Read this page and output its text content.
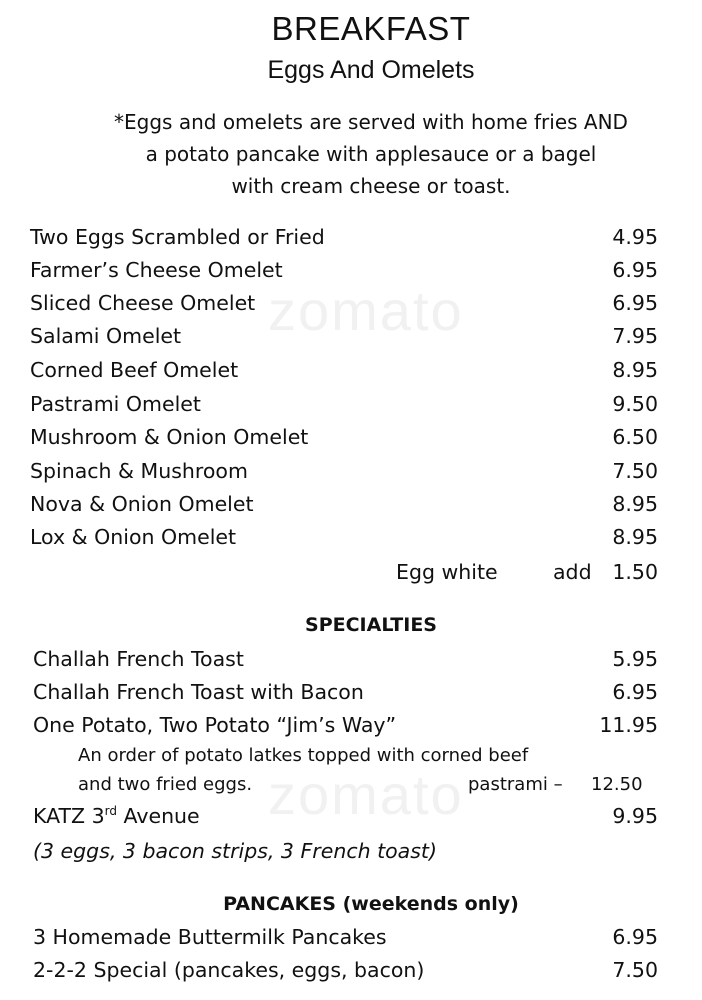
zomato
zomato
BREAKFAST
Eggs And Omelets
*Eggs and omelets are served with home fries AND
a potato pancake with applesauce or a bagel
with cream cheese or toast.
Two Eggs Scrambled or Fried	4.95
Farmer’s Cheese Omelet	6.95
Sliced Cheese Omelet	6.95
Salami Omelet	7.95
Corned Beef Omelet	8.95
Pastrami Omelet	9.50
Mushroom & Onion Omelet	6.50
Spinach & Mushroom	7.50
Nova & Onion Omelet	8.95
Lox & Onion Omelet	8.95
Egg white	add 1.50
SPECIALTIES
Challah French Toast	5.95
Challah French Toast with Bacon	6.95
One Potato, Two Potato “Jim’s Way”	11.95
An order of potato latkes topped with corned beef
and two fried eggs.	pastrami – 12.50
KATZ 3rd Avenue	9.95
(3 eggs, 3 bacon strips, 3 French toast)
PANCAKES (weekends only)
3 Homemade Buttermilk Pancakes	6.95
2-2-2 Special (pancakes, eggs, bacon)	7.50
